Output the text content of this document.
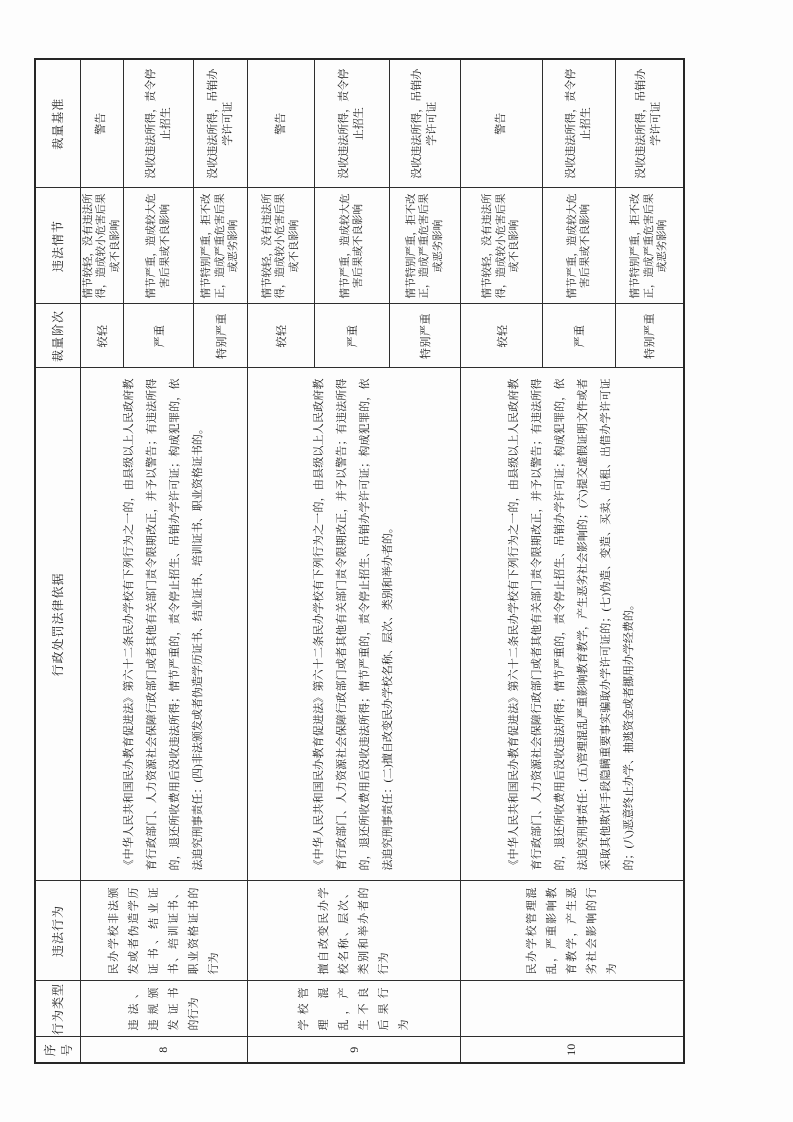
序号	行为类型	违法行为	行政处罚法律依据	裁量阶次	违法情节	裁量基准
8	违法、违规颁发证书的行为	民办学校非法颁发或者伪造学历证书、结业证书、培训证书、职业资格证书的行为	《中华人民共和国民办教育促进法》第六十二条民办学校有下列行为之一的，由县级以上人民政府教育行政部门、人力资源社会保障行政部门或者其他有关部门责令限期改正，并予以警告；有违法所得的，退还所收费用后没收违法所得；情节严重的，责令停止招生、吊销办学许可证；构成犯罪的，依法追究刑事责任：(四)非法颁发或者伪造学历证书、结业证书、培训证书、职业资格证书的。	较轻	情节较轻，没有违法所得，造成较小危害后果或不良影响	警告
				严重	情节严重，造成较大危害后果或不良影响	没收违法所得，责令停止招生
				特别严重	情节特别严重，拒不改正，造成严重危害后果或恶劣影响	没收违法所得，吊销办学许可证
9	学校管理混乱，产生不良后果行为	擅自改变民办学校名称、层次、类别和举办者的行为	《中华人民共和国民办教育促进法》第六十二条民办学校有下列行为之一的，由县级以上人民政府教育行政部门、人力资源社会保障行政部门或者其他有关部门责令限期改正，并予以警告；有违法所得的，退还所收费用后没收违法所得；情节严重的，责令停止招生、吊销办学许可证；构成犯罪的，依法追究刑事责任：(二)擅自改变民办学校名称、层次、类别和举办者的。	较轻	情节较轻，没有违法所得，造成较小危害后果或不良影响	警告
				严重	情节严重，造成较大危害后果或不良影响	没收违法所得，责令停止招生
				特别严重	情节特别严重，拒不改正，造成严重危害后果或恶劣影响	没收违法所得，吊销办学许可证
10		民办学校管理混乱，严重影响教育教学，产生恶劣社会影响的行为	《中华人民共和国民办教育促进法》第六十二条民办学校有下列行为之一的，由县级以上人民政府教育行政部门、人力资源社会保障行政部门或者其他有关部门责令限期改正，并予以警告；有违法所得的，退还所收费用后没收违法所得；情节严重的，责令停止招生、吊销办学许可证；构成犯罪的，依法追究刑事责任：(五)管理混乱严重影响教育教学，产生恶劣社会影响的；(六)提交虚假证明文件或者采取其他欺诈手段隐瞒重要事实骗取办学许可证的；(七)伪造、变造、买卖、出租、出借办学许可证的；(八)恶意终止办学、抽逃资金或者挪用办学经费的。	较轻	情节较轻，没有违法所得，造成较小危害后果或不良影响	警告
				严重	情节严重，造成较大危害后果或不良影响	没收违法所得，责令停止招生
				特别严重	情节特别严重，拒不改正，造成严重危害后果或恶劣影响	没收违法所得，吊销办学许可证
